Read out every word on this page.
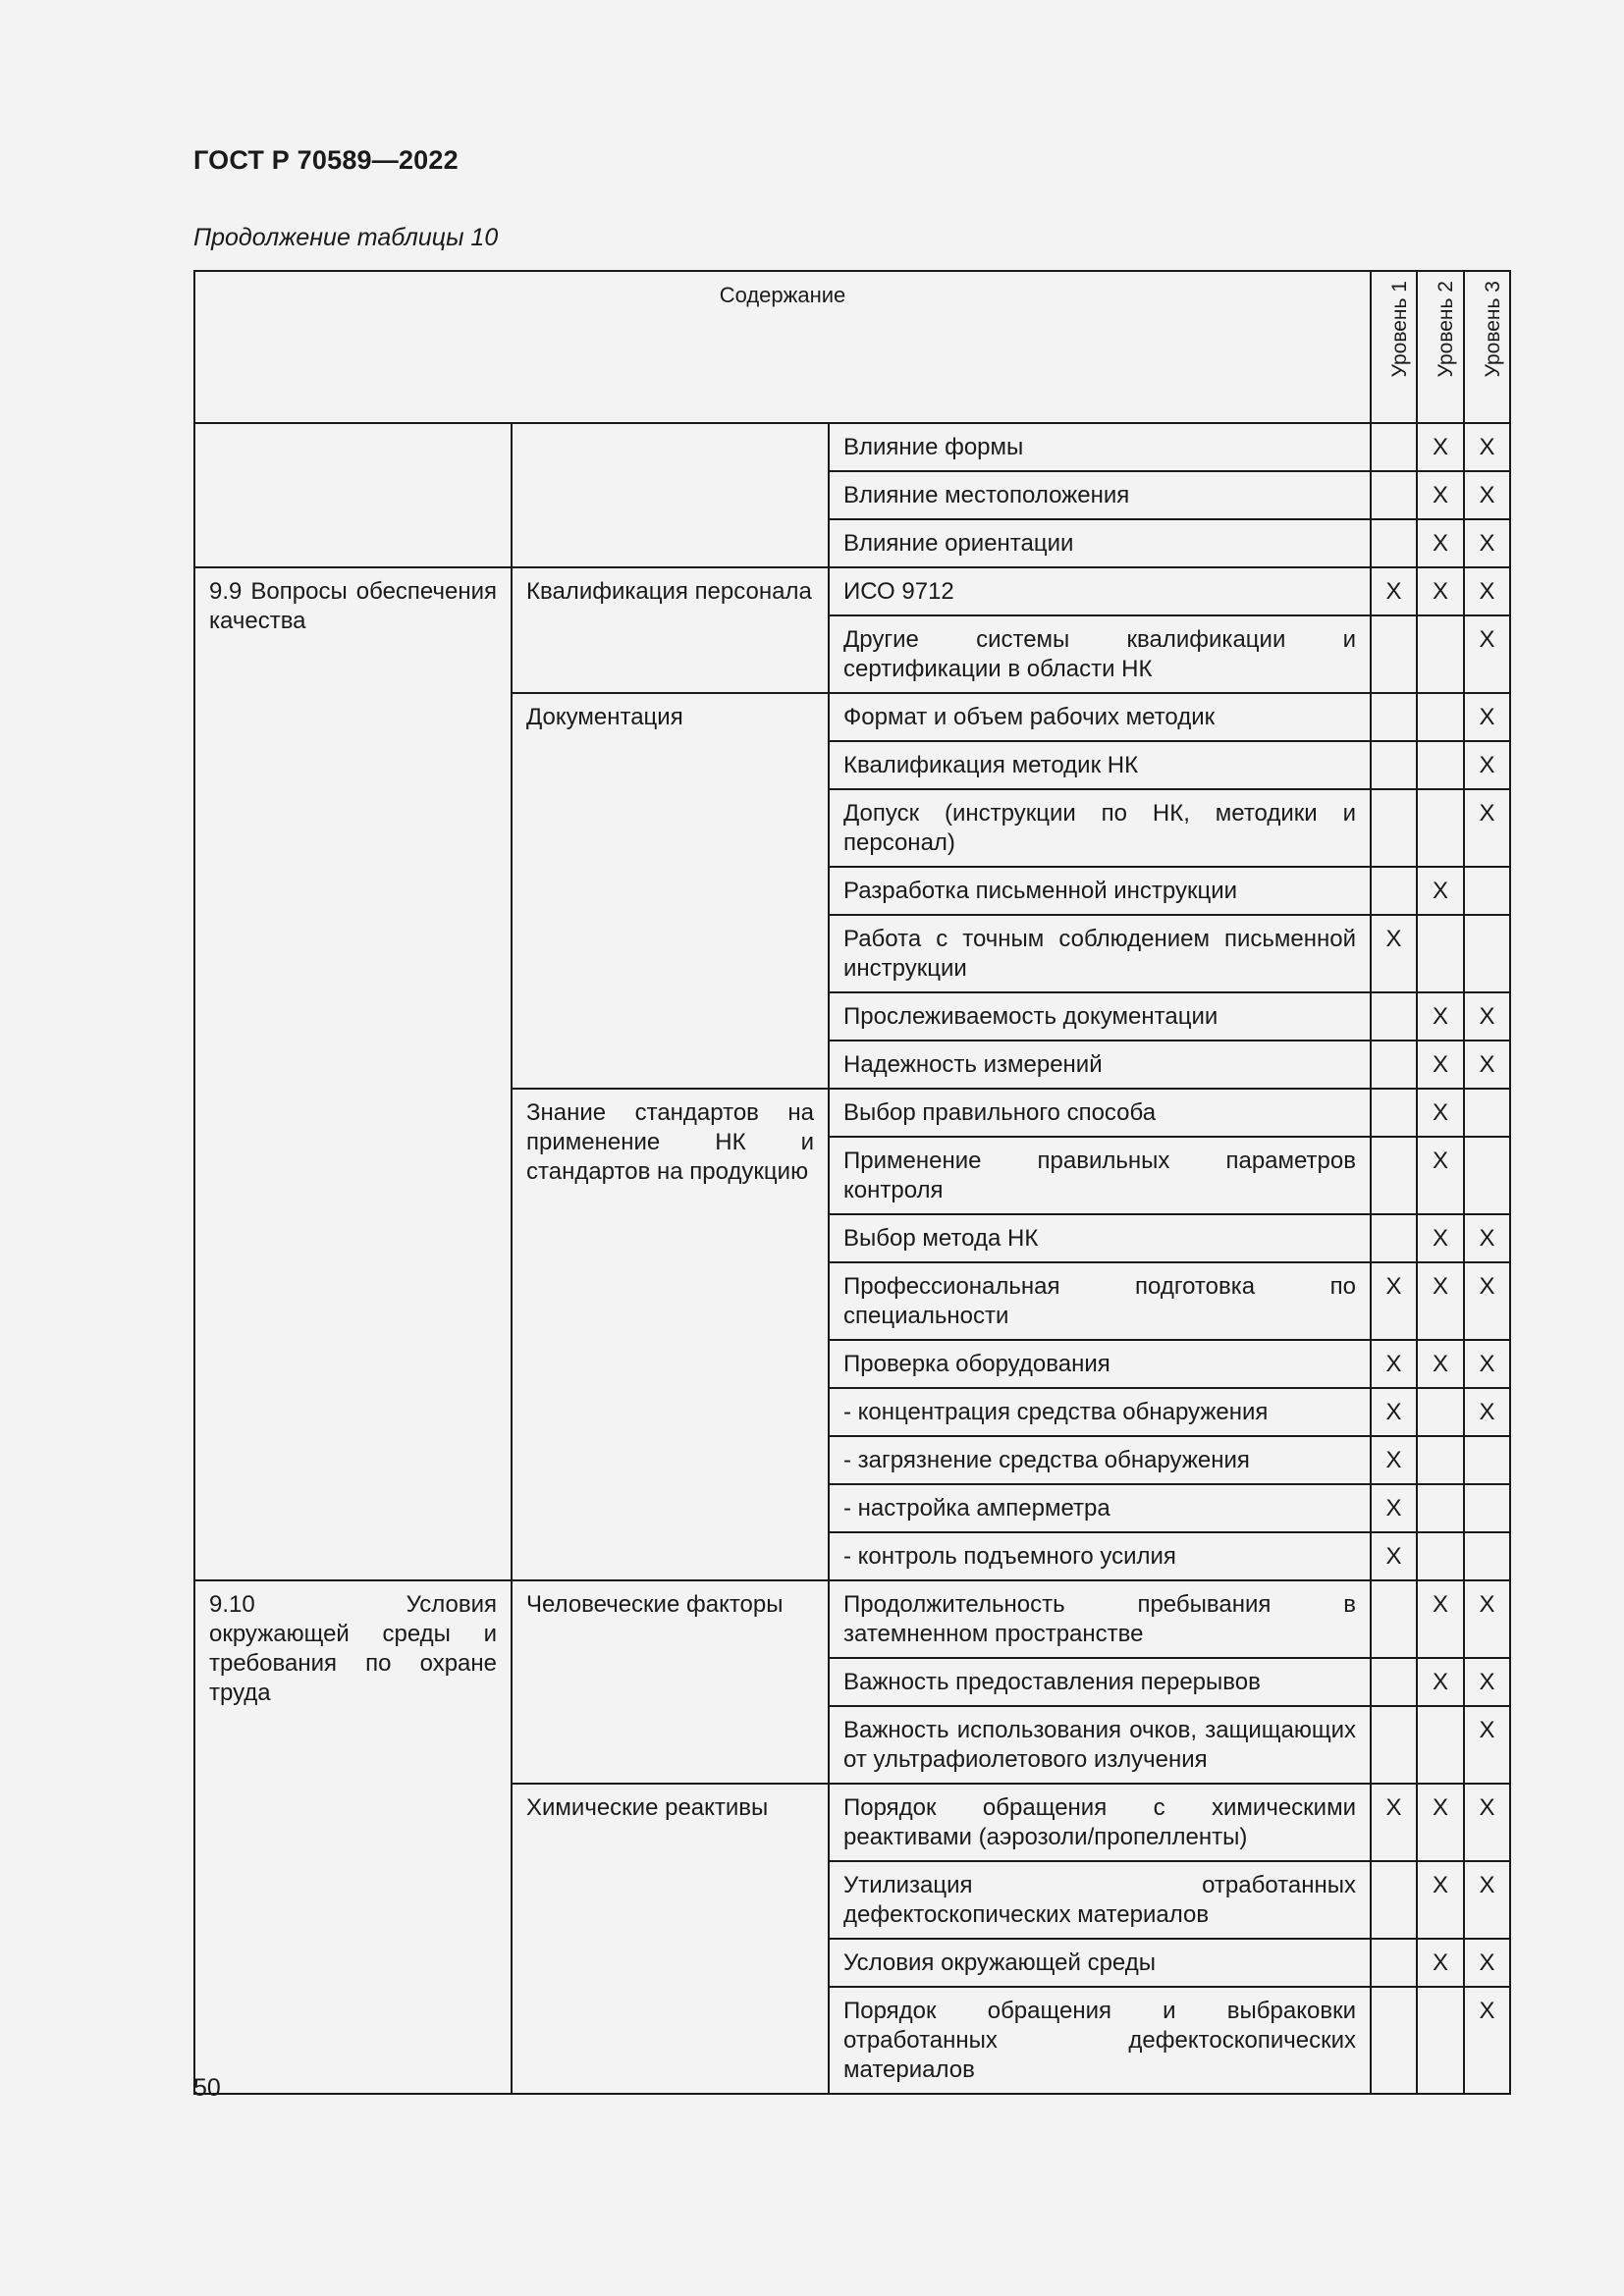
ГОСТ Р 70589—2022
Продолжение таблицы 10
Содержание			Уровень 1	Уровень 2	Уровень 3

		Влияние формы		X	X
		Влияние местоположения		X	X
		Влияние ориентации		X	X
9.9 Вопросы обеспечения качества	Квалификация персонала	ИСО 9712	X	X	X
		Другие системы квалификации и сертификации в области НК			X
	Документация	Формат и объем рабочих методик			X
		Квалификация методик НК			X
		Допуск (инструкции по НК, методики и персонал)			X
		Разработка письменной инструкции		X	
		Работа с точным соблюдением письменной инструкции	X		
		Прослеживаемость документации		X	X
		Надежность измерений		X	X
	Знание стандартов на применение НК и стандартов на продукцию	Выбор правильного способа		X	
		Применение правильных параметров контроля		X	
		Выбор метода НК		X	X
		Профессиональная подготовка по специальности	X	X	X
		Проверка оборудования	X	X	X
		- концентрация средства обнаружения	X		X
		- загрязнение средства обнаружения	X		
		- настройка амперметра	X		
		- контроль подъемного усилия	X		
9.10 Условия окружающей среды и требования по охране труда	Человеческие факторы	Продолжительность пребывания в затемненном пространстве		X	X
		Важность предоставления перерывов		X	X
		Важность использования очков, защищающих от ультрафиолетового излучения			X
	Химические реактивы	Порядок обращения с химическими реактивами (аэрозоли/пропелленты)	X	X	X
		Утилизация отработанных дефектоскопических материалов		X	X
		Условия окружающей среды		X	X
		Порядок обращения и выбраковки отработанных дефектоскопических материалов			X
50
